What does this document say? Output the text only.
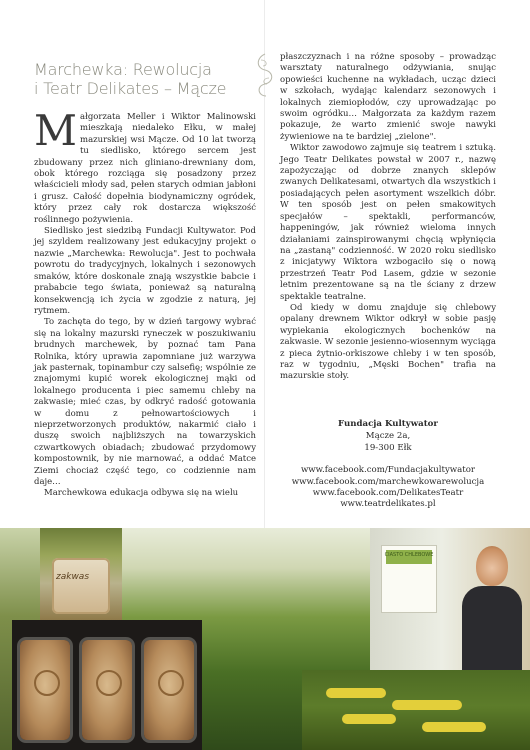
Marchewka: Rewolucja
i Teatr Delikates – Mącze

Małgorzata Meller i Wiktor Malinowski mieszkają niedaleko Ełku, w małej mazurskiej wsi Mącze. Od 10 lat tworzą tu siedlisko, którego sercem jest zbudowany przez nich gliniano-drewniany dom, obok którego rozciąga się posadzony przez właścicieli młody sad, pełen starych odmian jabłoni i grusz. Całość dopełnia biodynamiczny ogródek, który przez cały rok dostarcza większość roślinnego pożywienia.

Siedlisko jest siedzibą Fundacji Kultywator. Pod jej szyldem realizowany jest edukacyjny projekt o nazwie „Marchewka: Rewolucja". Jest to pochwała powrotu do tradycyjnych, lokalnych i sezonowych smaków, które doskonale znają wszystkie babcie i prababcie tego świata, ponieważ są naturalną konsekwencją ich życia w zgodzie z naturą, jej rytmem.

To zachęta do tego, by w dzień targowy wybrać się na lokalny mazurski ryneczek w poszukiwaniu brudnych marchewek, by poznać tam Pana Rolnika, który uprawia zapomniane już warzywa jak pasternak, topinambur czy salsefię; wspólnie ze znajomymi kupić worek ekologicznej mąki od lokalnego producenta i piec samemu chleby na zakwasie; mieć czas, by odkryć radość gotowania w domu z pełnowartościowych i nieprzetworzonych produktów, nakarmić ciało i duszę swoich najbliższych na towarzyskich czwartkowych obiadach; zbudować przydomowy kompostownik, by nie marnować, a oddać Matce Ziemi chociaż część tego, co codziennie nam daje…

Marchewkowa edukacja odbywa się na wielu

płaszczyznach i na różne sposoby – prowadząc warsztaty naturalnego odżywiania, snując opowieści kuchenne na wykładach, ucząc dzieci w szkołach, wydając kalendarz sezonowych i lokalnych ziemiopłodów, czy uprowadzając po swoim ogródku… Małgorzata za każdym razem pokazuje, że warto zmienić swoje nawyki żywieniowe na te bardziej „zielone".

Wiktor zawodowo zajmuje się teatrem i sztuką. Jego Teatr Delikates powstał w 2007 r., nazwę zapożyczając od dobrze znanych sklepów zwanych Delikatesami, otwartych dla wszystkich i posiadających pełen asortyment wszelkich dóbr. W ten sposób jest on pełen smakowitych specjałów – spektakli, performanców, happeningów, jak również wieloma innych działaniami zainspirowanymi chęcią wpłynięcia na „zastaną" codzienność. W 2020 roku siedlisko z inicjatywy Wiktora wzbogaciło się o nową przestrzeń Teatr Pod Lasem, gdzie w sezonie letnim prezentowane są na tle ściany z drzew spektakle teatralne.

Od kiedy w domu znajduje się chlebowy opalany drewnem Wiktor odkrył w sobie pasję wypiekania ekologicznych bochenków na zakwasie. W sezonie jesienno-wiosennym wyciąga z pieca żytnio-orkiszowe chleby i w ten sposób, raz w tygodniu, „Męski Bochen" trafia na mazurskie stoły.

Fundacja Kultywator
Mącze 2a,
19-300 Ełk
www.facebook.com/Fundacjakultywator
www.facebook.com/marchewkowarewolucja
www.facebook.com/DelikatesTeatr
www.teatrdelikates.pl
zakwas
CIASTO CHLEBOWE
